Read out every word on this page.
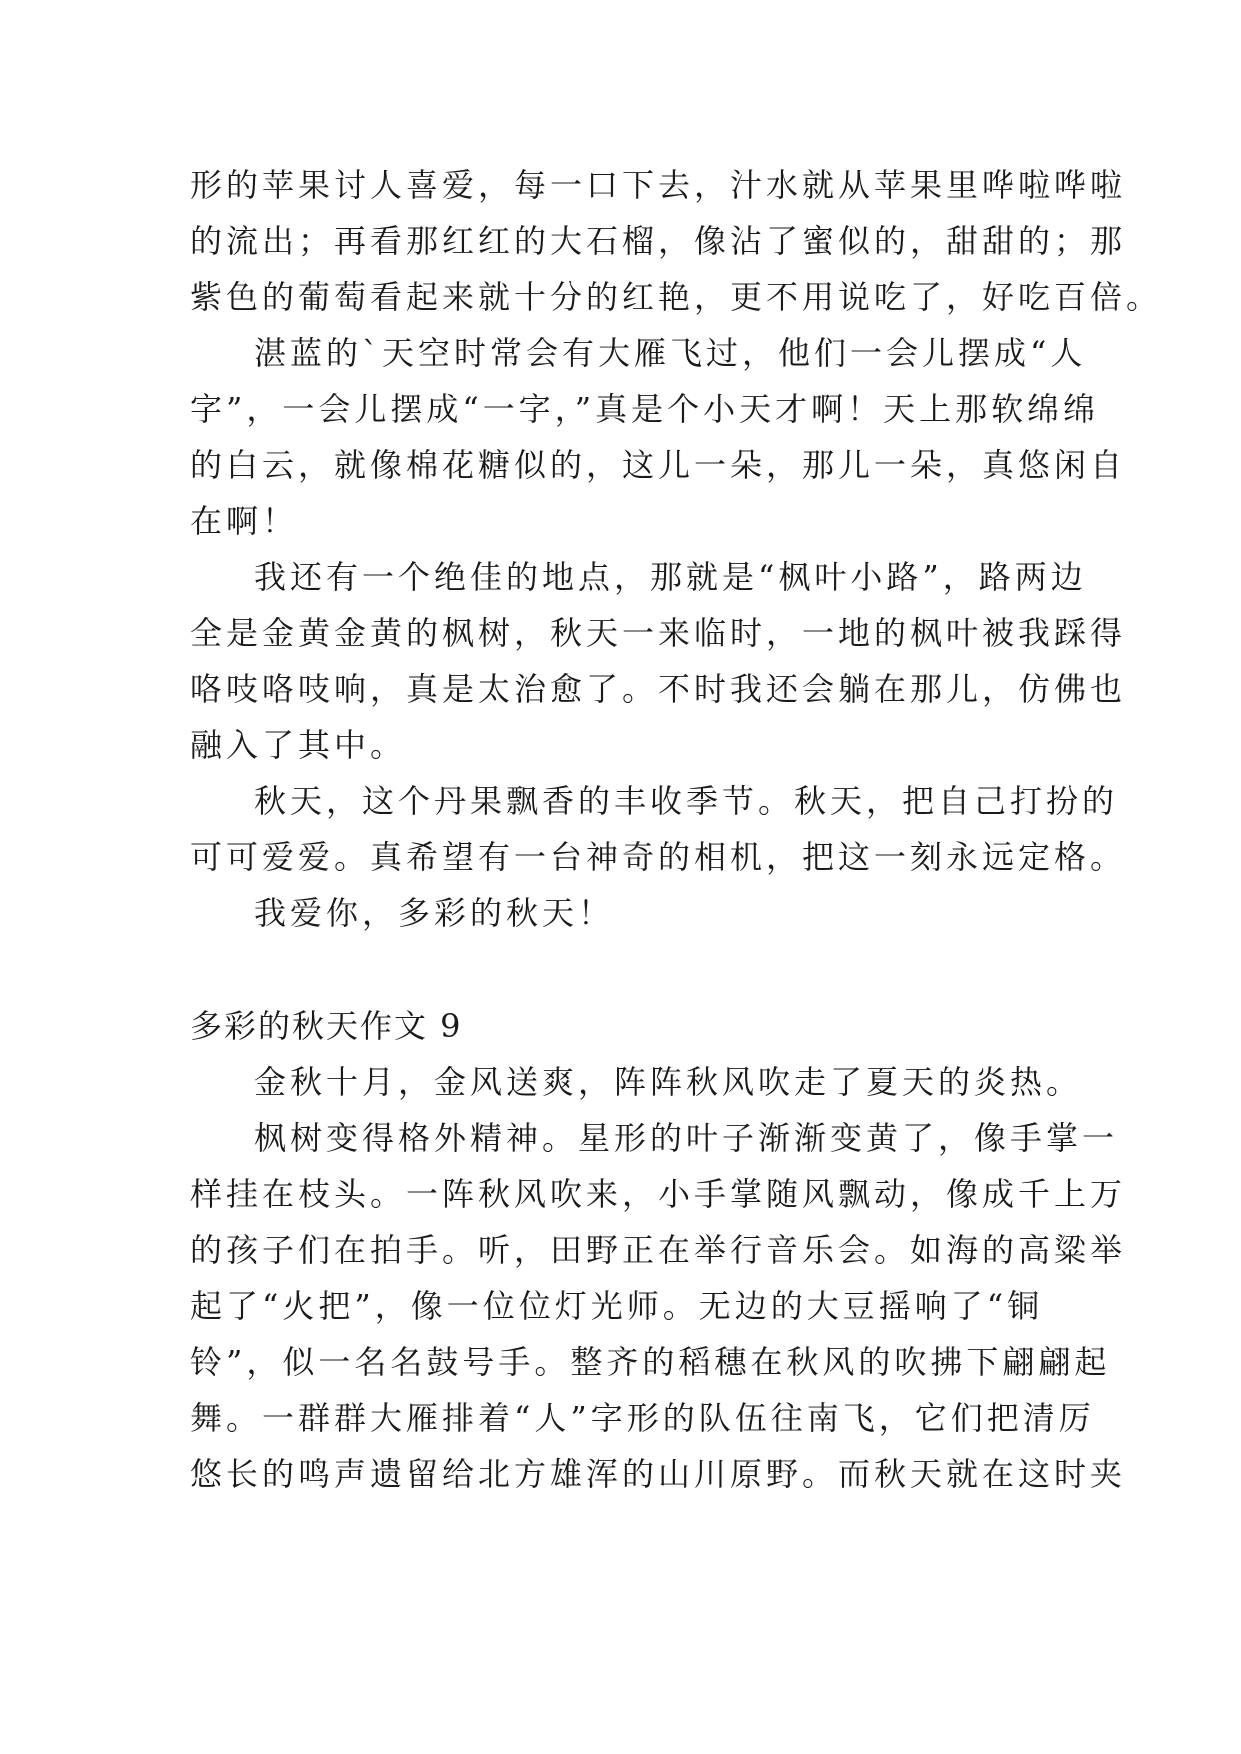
形的苹果讨人喜爱，每一口下去，汁水就从苹果里哗啦哗啦
的流出；再看那红红的大石榴，像沾了蜜似的，甜甜的；那
紫色的葡萄看起来就十分的红艳，更不用说吃了，好吃百倍。
湛蓝的`天空时常会有大雁飞过，他们一会儿摆成“人
字”，一会儿摆成“一字，”真是个小天才啊！天上那软绵绵
的白云，就像棉花糖似的，这儿一朵，那儿一朵，真悠闲自
在啊！
我还有一个绝佳的地点，那就是“枫叶小路”，路两边
全是金黄金黄的枫树，秋天一来临时，一地的枫叶被我踩得
咯吱咯吱响，真是太治愈了。不时我还会躺在那儿，仿佛也
融入了其中。
秋天，这个丹果飘香的丰收季节。秋天，把自己打扮的
可可爱爱。真希望有一台神奇的相机，把这一刻永远定格。
我爱你，多彩的秋天！
多彩的秋天作文 9
金秋十月，金风送爽，阵阵秋风吹走了夏天的炎热。
枫树变得格外精神。星形的叶子渐渐变黄了，像手掌一
样挂在枝头。一阵秋风吹来，小手掌随风飘动，像成千上万
的孩子们在拍手。听，田野正在举行音乐会。如海的高粱举
起了“火把”，像一位位灯光师。无边的大豆摇响了“铜
铃”，似一名名鼓号手。整齐的稻穗在秋风的吹拂下翩翩起
舞。一群群大雁排着“人”字形的队伍往南飞，它们把清厉
悠长的鸣声遗留给北方雄浑的山川原野。而秋天就在这时夹
